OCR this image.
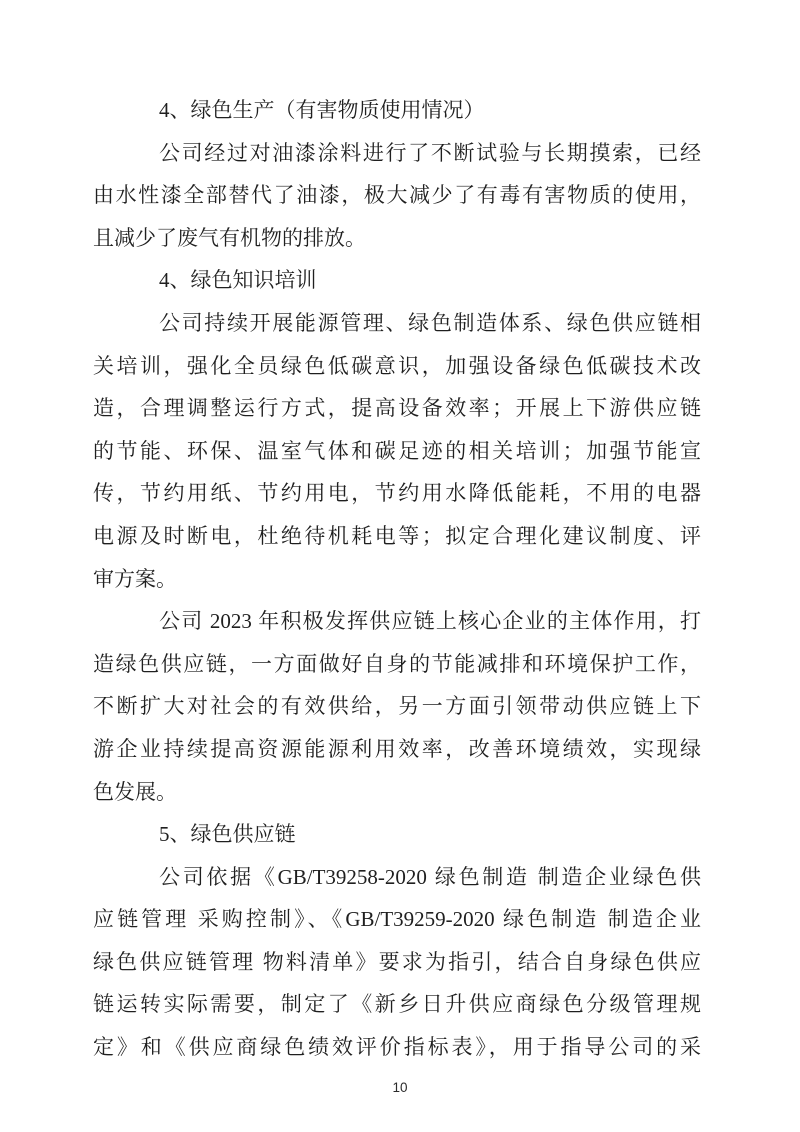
4、绿色生产（有害物质使用情况）
公司经过对油漆涂料进行了不断试验与长期摸索，已经
由水性漆全部替代了油漆，极大减少了有毒有害物质的使用，
且减少了废气有机物的排放。
4、绿色知识培训
公司持续开展能源管理、绿色制造体系、绿色供应链相
关培训，强化全员绿色低碳意识，加强设备绿色低碳技术改
造，合理调整运行方式，提高设备效率；开展上下游供应链
的节能、环保、温室气体和碳足迹的相关培训；加强节能宣
传，节约用纸、节约用电，节约用水降低能耗，不用的电器
电源及时断电，杜绝待机耗电等；拟定合理化建议制度、评
审方案。
公司 2023 年积极发挥供应链上核心企业的主体作用，打
造绿色供应链，一方面做好自身的节能减排和环境保护工作，
不断扩大对社会的有效供给，另一方面引领带动供应链上下
游企业持续提高资源能源利用效率，改善环境绩效，实现绿
色发展。
5、绿色供应链
公司依据《GB/T39258-2020 绿色制造 制造企业绿色供
应链管理 采购控制》、《GB/T39259-2020 绿色制造 制造企业
绿色供应链管理 物料清单》要求为指引，结合自身绿色供应
链运转实际需要，制定了《新乡日升供应商绿色分级管理规
定》和《供应商绿色绩效评价指标表》，用于指导公司的采
10
